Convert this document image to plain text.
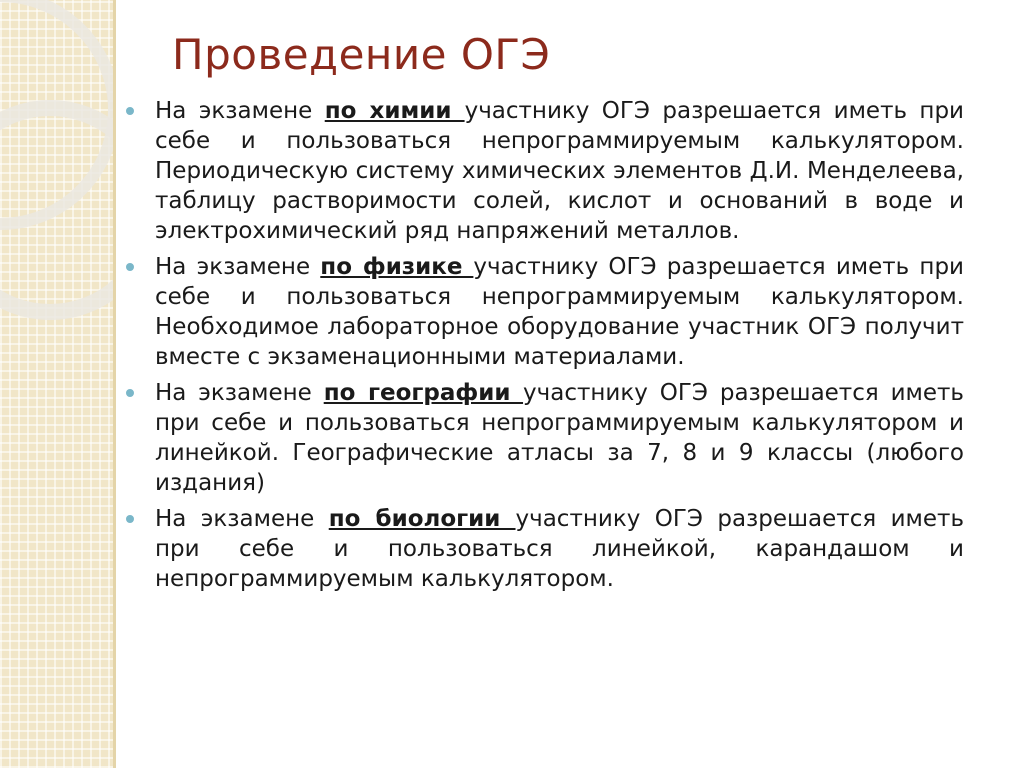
Проведение ОГЭ

На экзамене по химии участнику ОГЭ разрешается иметь при себе и пользоваться непрограммируемым калькулятором. Периодическую систему химических элементов Д.И. Менделеева, таблицу растворимости солей, кислот и оснований в воде и электрохимический ряд напряжений металлов.

На экзамене по физике участнику ОГЭ разрешается иметь при себе и пользоваться непрограммируемым калькулятором. Необходимое лабораторное оборудование участник ОГЭ получит вместе с экзаменационными материалами.

На экзамене по географии участнику ОГЭ разрешается иметь при себе и пользоваться непрограммируемым калькулятором и линейкой. Географические атласы за 7, 8 и 9 классы (любого издания)

На экзамене по биологии участнику ОГЭ разрешается иметь при себе и пользоваться линейкой, карандашом и непрограммируемым калькулятором.
